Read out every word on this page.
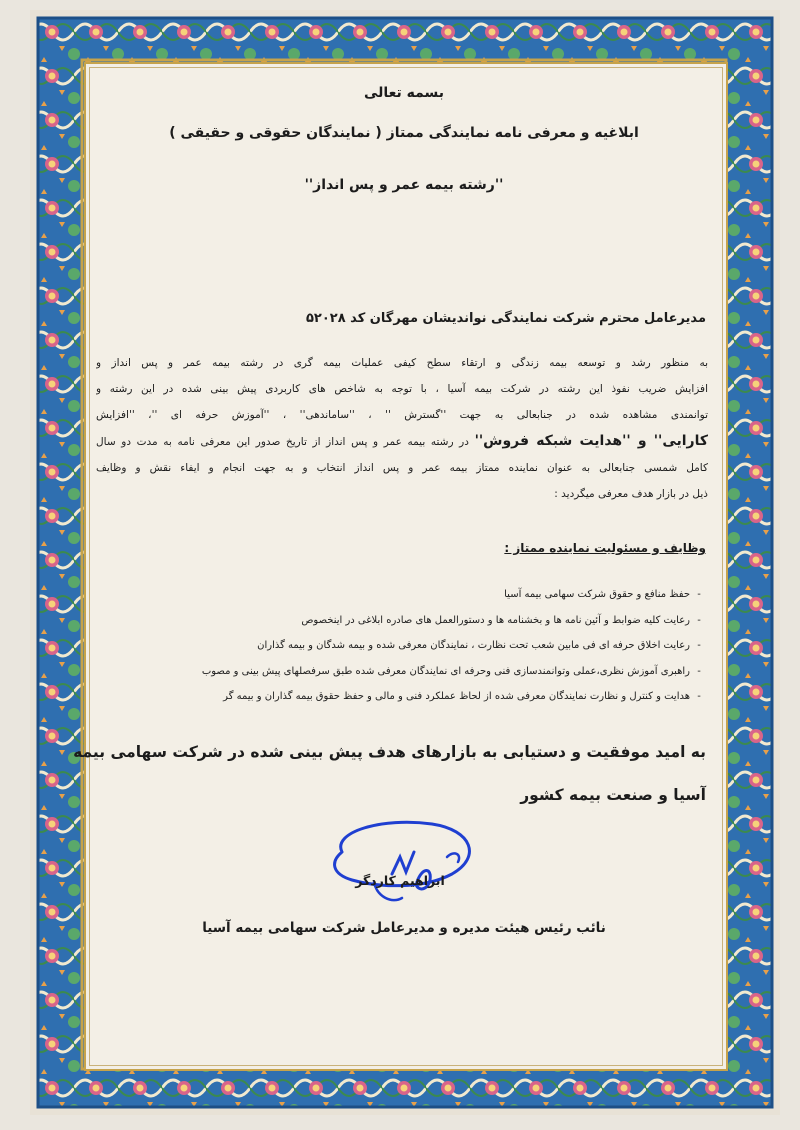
بسمه تعالی
ابلاغیه و معرفی نامه نمایندگی ممتاز ( نمایندگان حقوقی و حقیقی )
''رشته بیمه عمر و پس انداز''
مدیرعامل محترم شرکت نمایندگی نواندیشان مهرگان کد ۵۲۰۲۸
به منظور رشد و توسعه بیمه زندگی و ارتقاء سطح کیفی عملیات بیمه گری در رشته بیمه عمر و پس انداز و
افزایش ضریب نفوذ این رشته در شرکت بیمه آسیا ، با توجه به شاخص های کاربردی پیش بینی شده در این رشته و
توانمندی مشاهده شده در جنابعالی به جهت ''گسترش '' ، ''ساماندهی'' ، ''آموزش حرفه ای ''، ''افزایش
کارایی'' و ''هدایت شبکه فروش'' در رشته بیمه عمر و پس انداز از تاریخ صدور این معرفی نامه به مدت دو سال
کامل شمسی جنابعالی به عنوان نماینده ممتاز بیمه عمر و پس انداز انتخاب و به جهت انجام و ایفاء نقش و وظایف
ذیل در بازار هدف معرفی میگردید :
وظایف و مسئولیت نماینده ممتاز :
-حفظ منافع و حقوق شرکت سهامی بیمه آسیا
-رعایت کلیه ضوابط و آئین نامه ها و بخشنامه ها و دستورالعمل های صادره ابلاغی در اینخصوص
-رعایت اخلاق حرفه ای فی مابین شعب تحت نظارت ، نمایندگان معرفی شده و بیمه شدگان و بیمه گذاران
-راهبری آموزش نظری،عملی وتوانمندسازی فنی وحرفه ای نمایندگان معرفی شده طبق سرفصلهای پیش بینی و مصوب
-هدایت و کنترل و نظارت نمایندگان معرفی شده از لحاظ عملکرد فنی و مالی و حفظ حقوق بیمه گذاران و بیمه گر
به امید موفقیت و دستیابی به بازارهای هدف پیش بینی شده در شرکت سهامی بیمه
آسیا و صنعت بیمه کشور
ابراهیم کاردگر
نائب رئیس هیئت مدیره و مدیرعامل شرکت سهامی بیمه آسیا
